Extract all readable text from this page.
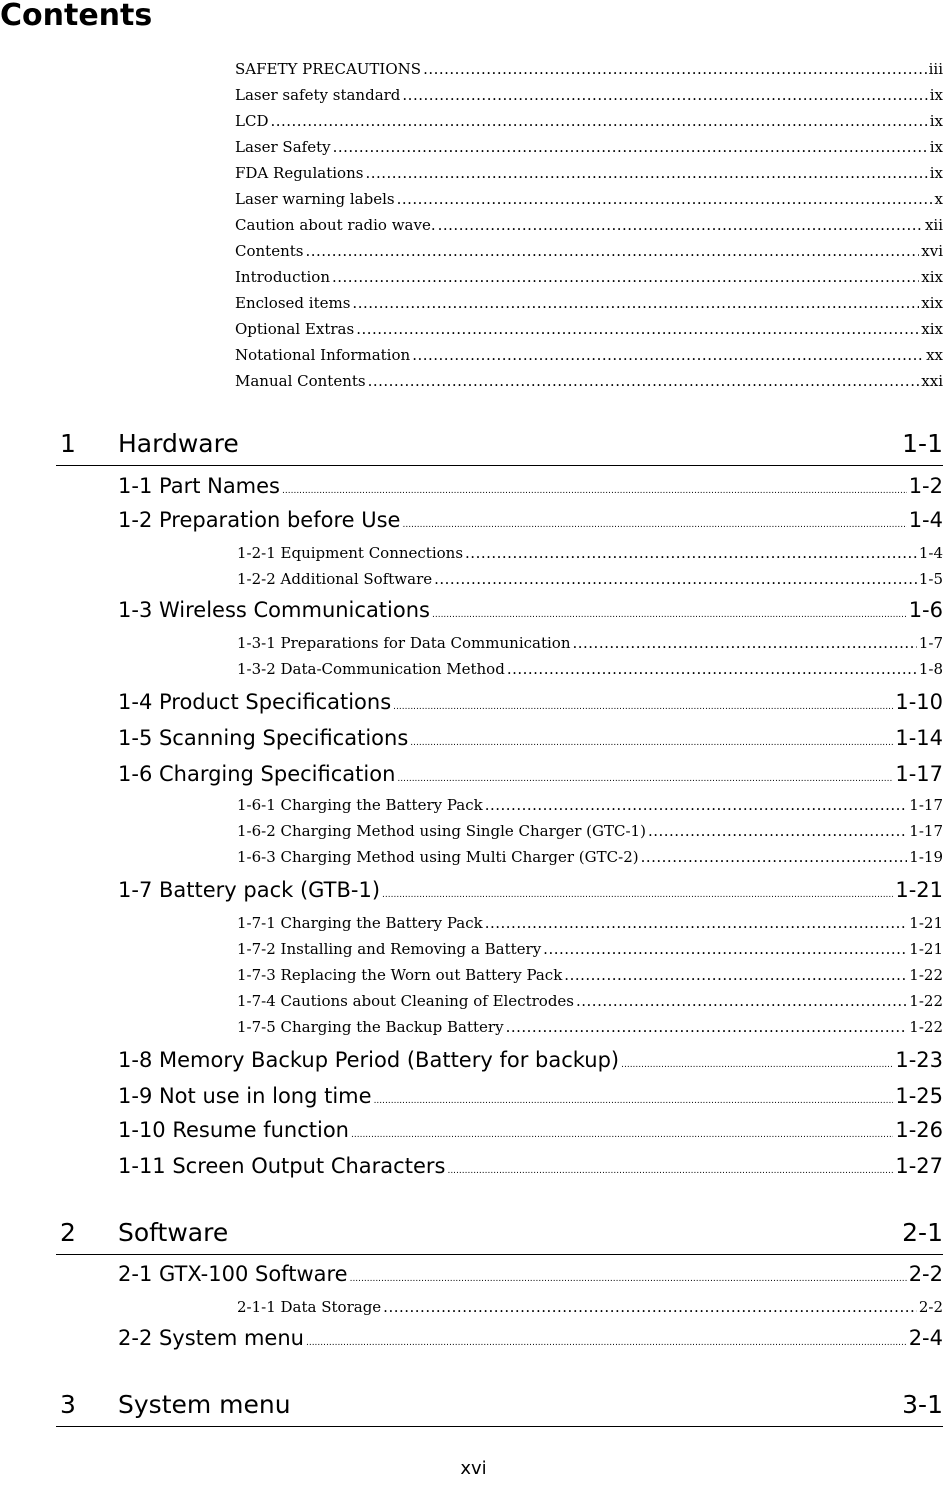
Contents
SAFETY PRECAUTIONS .....	iii
Laser safety standard .....	ix
LCD .....	ix
Laser Safety .....	ix
FDA Regulations .....	ix
Laser warning labels .....	x
Caution about radio wave. .....	xii
Contents .....	xvi
Introduction .....	xix
Enclosed items .....	xix
Optional Extras .....	xix
Notational Information .....	xx
Manual Contents .....	xxi
1 Hardware	1-1
1-1 Part Names .....	1-2
1-2 Preparation before Use .....	1-4
1-2-1 Equipment Connections .....	1-4
1-2-2 Additional Software .....	1-5
1-3 Wireless Communications .....	1-6
1-3-1 Preparations for Data Communication .....	1-7
1-3-2 Data-Communication Method .....	1-8
1-4 Product Specifications .....	1-10
1-5 Scanning Specifications .....	1-14
1-6 Charging Specification .....	1-17
1-6-1 Charging the Battery Pack .....	1-17
1-6-2 Charging Method using Single Charger (GTC-1) .....	1-17
1-6-3 Charging Method using Multi Charger (GTC-2) .....	1-19
1-7 Battery pack (GTB-1) .....	1-21
1-7-1 Charging the Battery Pack .....	1-21
1-7-2 Installing and Removing a Battery .....	1-21
1-7-3 Replacing the Worn out Battery Pack .....	1-22
1-7-4 Cautions about Cleaning of Electrodes .....	1-22
1-7-5 Charging the Backup Battery .....	1-22
1-8 Memory Backup Period (Battery for backup) .....	1-23
1-9 Not use in long time .....	1-25
1-10 Resume function .....	1-26
1-11 Screen Output Characters .....	1-27
2 Software	2-1
2-1 GTX-100 Software .....	2-2
2-1-1 Data Storage .....	2-2
2-2 System menu .....	2-4
3 System menu	3-1
xvi
